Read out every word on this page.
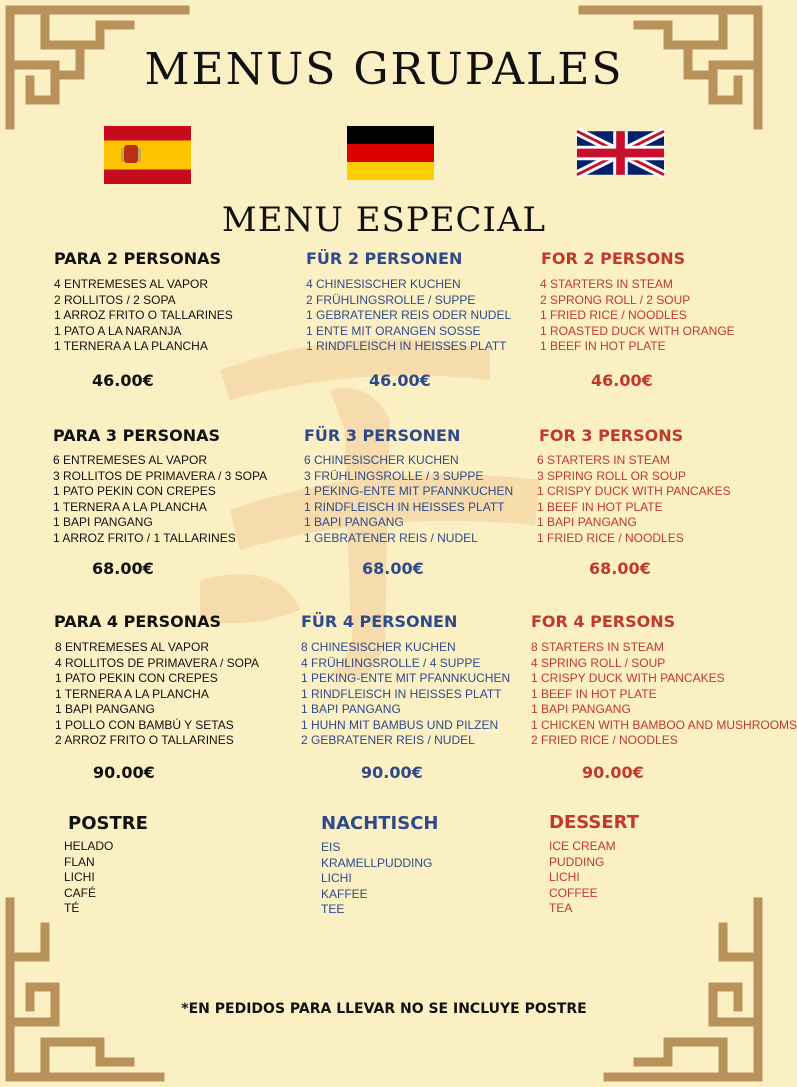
MENUS GRUPALES
MENU ESPECIAL
PARA 2 PERSONAS	FÜR 2 PERSONEN	FOR 2 PERSONS
4 ENTREMESES AL VAPOR
2 ROLLITOS / 2 SOPA
1 ARROZ FRITO O TALLARINES
1 PATO A LA NARANJA
1 TERNERA A LA PLANCHA
4 CHINESISCHER KUCHEN
2 FRÜHLINGSROLLE / SUPPE
1 GEBRATENER REIS ODER NUDEL
1 ENTE MIT ORANGEN SOSSE
1 RINDFLEISCH IN HEISSES PLATT
4 STARTERS IN STEAM
2 SPRONG ROLL / 2 SOUP
1 FRIED RICE / NOODLES
1 ROASTED DUCK WITH ORANGE
1 BEEF IN HOT PLATE
46.00€	46.00€	46.00€
PARA 3 PERSONAS	FÜR 3 PERSONEN	FOR 3 PERSONS
6 ENTREMESES AL VAPOR
3 ROLLITOS DE PRIMAVERA / 3 SOPA
1 PATO PEKIN CON CREPES
1 TERNERA A LA PLANCHA
1 BAPI PANGANG
1 ARROZ FRITO / 1 TALLARINES
6 CHINESISCHER KUCHEN
3 FRÜHLINGSROLLE / 3 SUPPE
1 PEKING-ENTE MIT PFANNKUCHEN
1 RINDFLEISCH IN HEISSES PLATT
1 BAPI PANGANG
1 GEBRATENER REIS / NUDEL
6 STARTERS IN STEAM
3 SPRING ROLL OR SOUP
1 CRISPY DUCK WITH PANCAKES
1 BEEF IN HOT PLATE
1 BAPI PANGANG
1 FRIED RICE / NOODLES
68.00€	68.00€	68.00€
PARA 4 PERSONAS	FÜR 4 PERSONEN	FOR 4 PERSONS
8 ENTREMESES AL VAPOR
4 ROLLITOS DE PRIMAVERA / SOPA
1 PATO PEKIN CON CREPES
1 TERNERA A LA PLANCHA
1 BAPI PANGANG
1 POLLO CON BAMBÚ Y SETAS
2 ARROZ FRITO O TALLARINES
8 CHINESISCHER KUCHEN
4 FRÜHLINGSROLLE / 4 SUPPE
1 PEKING-ENTE MIT PFANNKUCHEN
1 RINDFLEISCH IN HEISSES PLATT
1 BAPI PANGANG
1 HUHN MIT BAMBUS UND PILZEN
2 GEBRATENER REIS / NUDEL
8 STARTERS IN STEAM
4 SPRING ROLL / SOUP
1 CRISPY DUCK WITH PANCAKES
1 BEEF IN HOT PLATE
1 BAPI PANGANG
1 CHICKEN WITH BAMBOO AND MUSHROOMS
2 FRIED RICE / NOODLES
90.00€	90.00€	90.00€
POSTRE	NACHTISCH	DESSERT
HELADO
FLAN
LICHI
CAFÉ
TÉ
EIS
KRAMELLPUDDING
LICHI
KAFFEE
TEE
ICE CREAM
PUDDING
LICHI
COFFEE
TEA
*EN PEDIDOS PARA LLEVAR NO SE INCLUYE POSTRE
